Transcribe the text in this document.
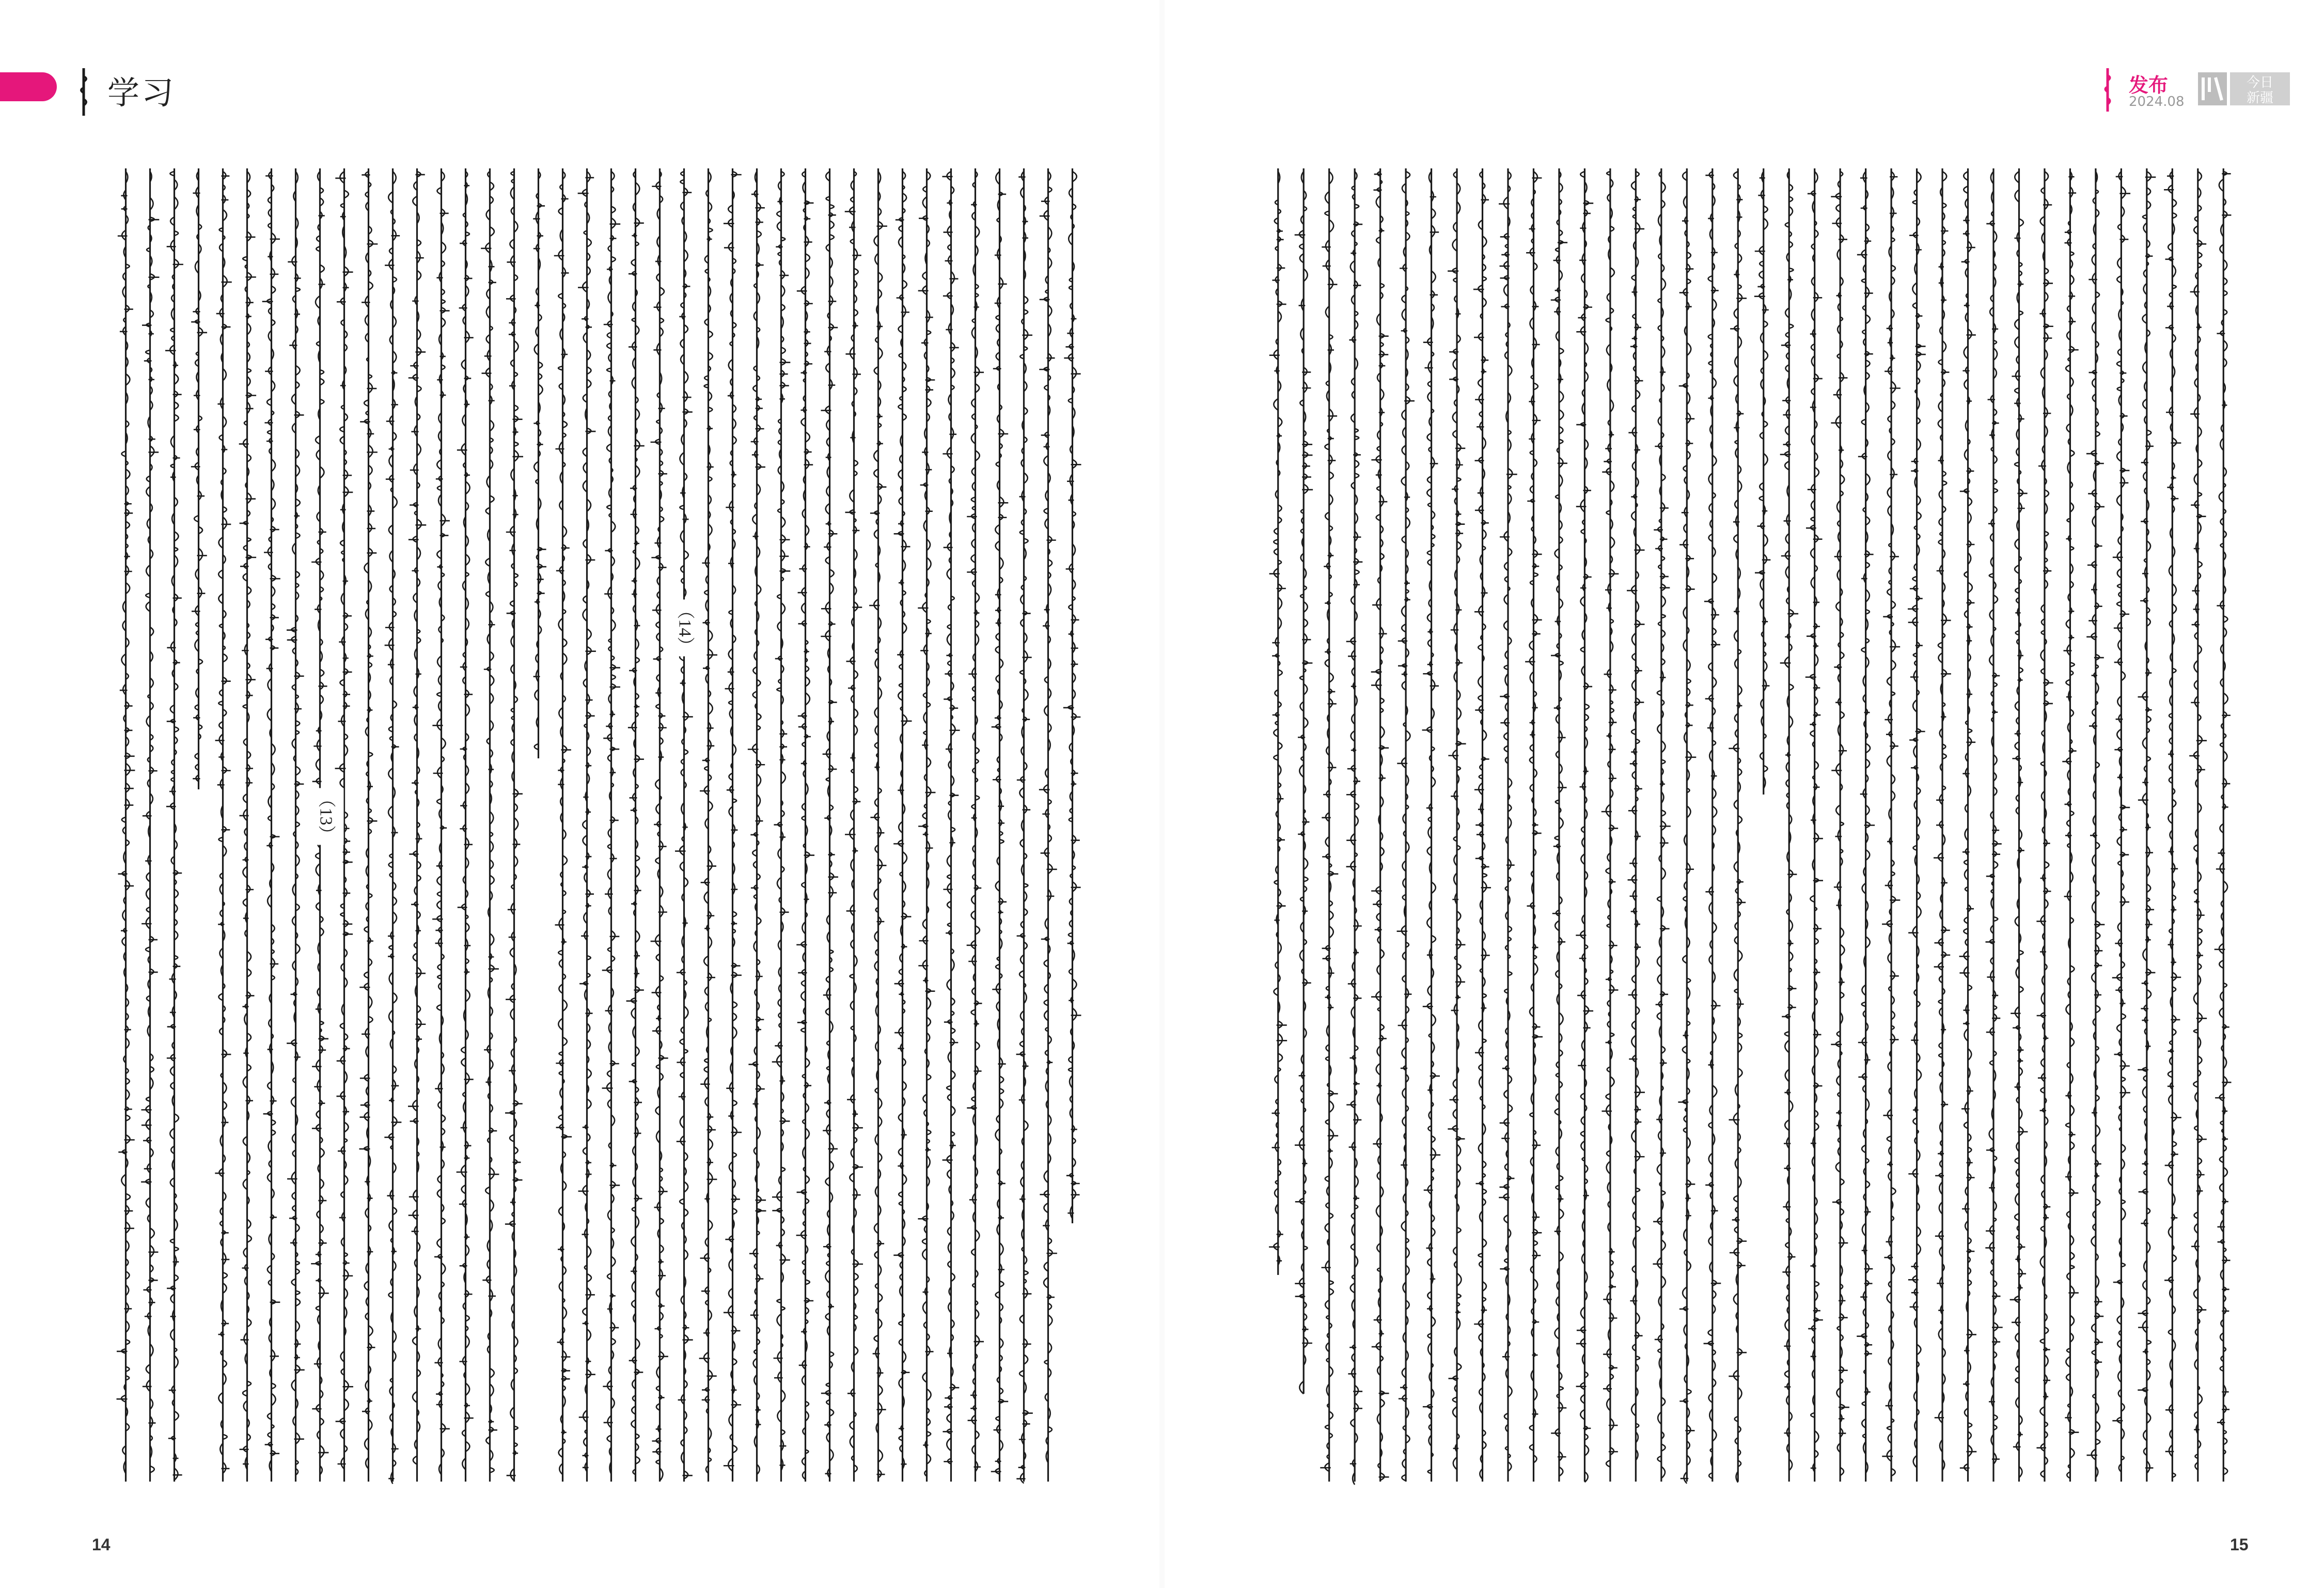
学习	发布
2024.08
今日
新疆
（13）
（14）
14	15
